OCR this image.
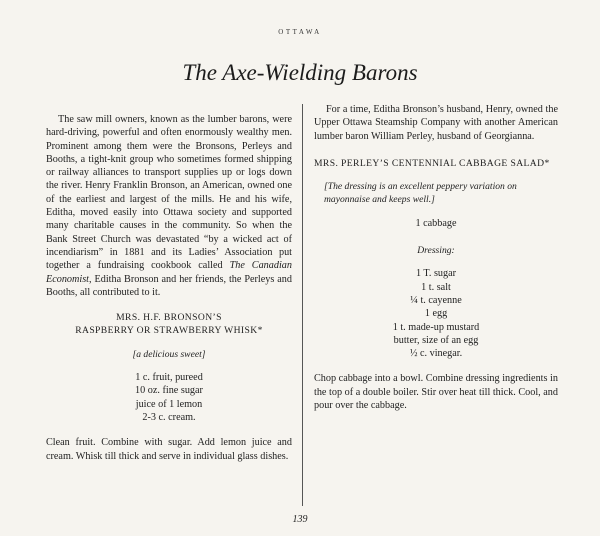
OTTAWA
The Axe-Wielding Barons

The saw mill owners, known as the lumber barons, were hard-driving, powerful and often enormously wealthy men. Prominent among them were the Bronsons, Perleys and Booths, a tight-knit group who sometimes formed shipping or railway alliances to transport supplies up or logs down the river. Henry Franklin Bronson, an American, owned one of the earliest and largest of the mills. He and his wife, Editha, moved easily into Ottawa society and supported many charitable causes in the community. So when the Bank Street Church was devastated “by a wicked act of incendiarism” in 1881 and its Ladies’ Association put together a fundraising cookbook called The Canadian Economist, Editha Bronson and her friends, the Perleys and Booths, all contributed to it.

MRS. H.F. BRONSON’S

RASPBERRY OR STRAWBERRY WHISK*

[a delicious sweet]

1 c. fruit, pureed

10 oz. fine sugar

juice of 1 lemon

2-3 c. cream.

Clean fruit. Combine with sugar. Add lemon juice and cream. Whisk till thick and serve in individual glass dishes.

For a time, Editha Bronson’s husband, Henry, owned the Upper Ottawa Steamship Company with another American lumber baron William Perley, husband of Georgianna.

MRS. PERLEY’S CENTENNIAL CABBAGE SALAD*

[The dressing is an excellent peppery variation on mayonnaise and keeps well.]

1 cabbage

Dressing:

1 T. sugar

1 t. salt

¼ t. cayenne

1 egg

1 t. made-up mustard

butter, size of an egg

½ c. vinegar.

Chop cabbage into a bowl. Combine dressing ingredients in the top of a double boiler. Stir over heat till thick. Cool, and pour over the cabbage.

139
